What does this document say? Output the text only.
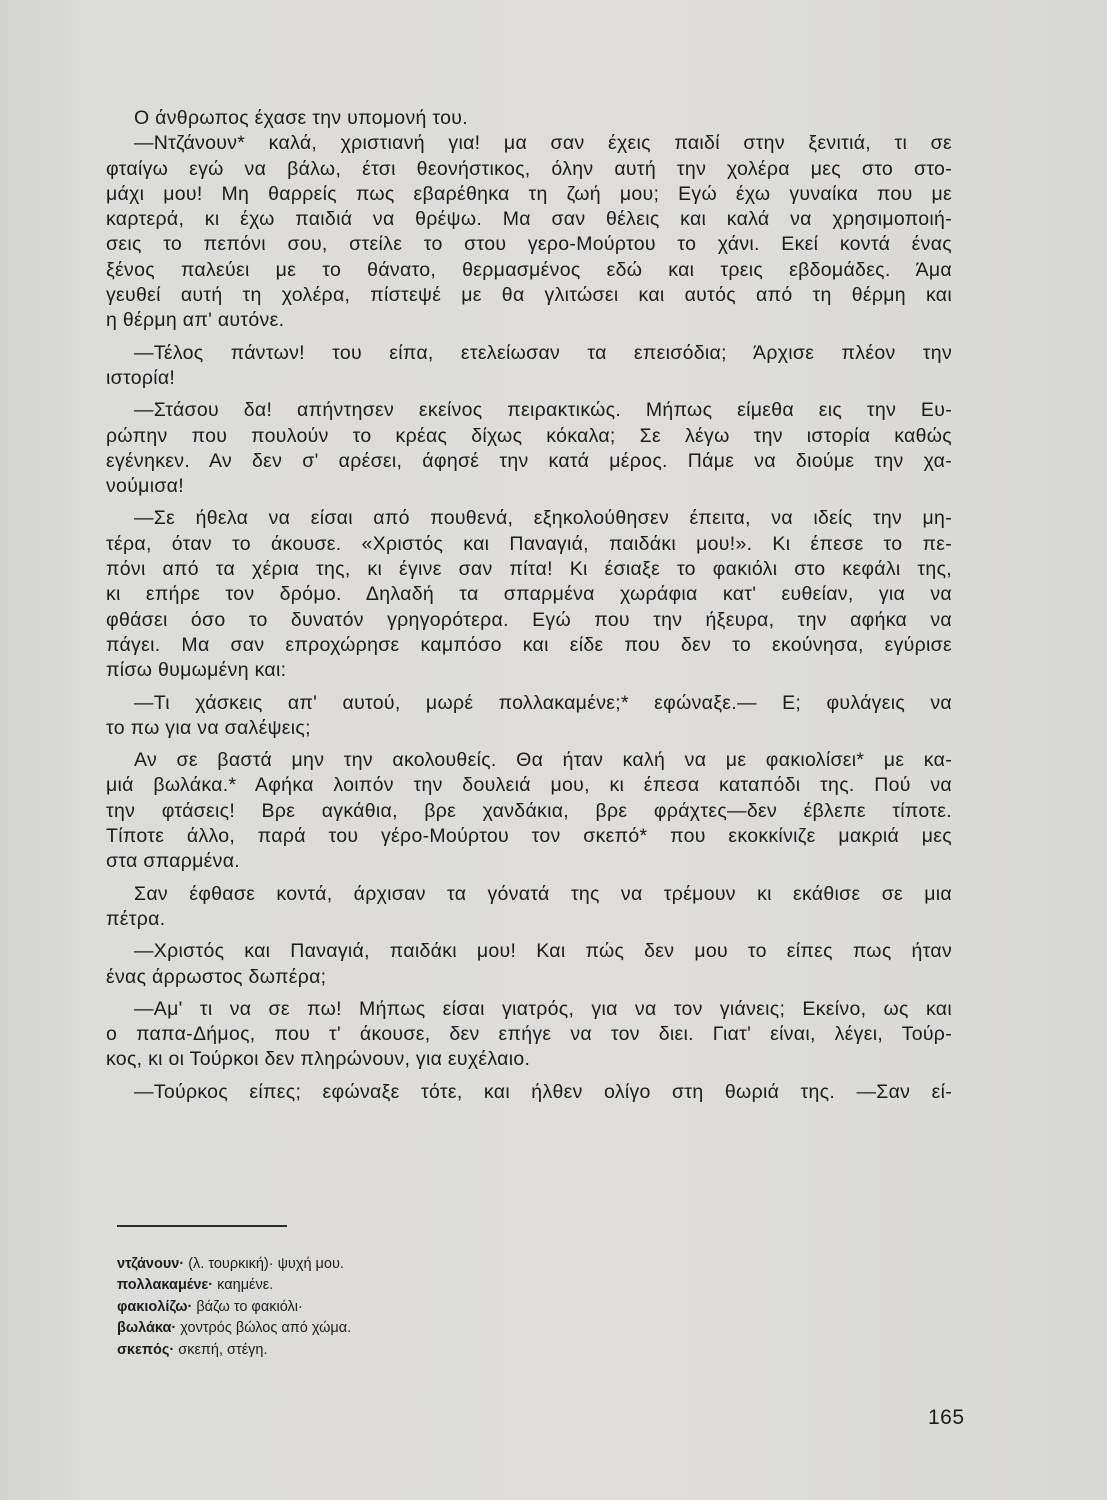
Ο άνθρωπος έχασε την υπομονή του.
—Ντζάνουν* καλά, χριστιανή για! μα σαν έχεις παιδί στην ξενιτιά, τι σε
φταίγω εγώ να βάλω, έτσι θεονήστικος, όλην αυτή την χολέρα μες στο στο-
μάχι μου! Μη θαρρείς πως εβαρέθηκα τη ζωή μου; Εγώ έχω γυναίκα που με
καρτερά, κι έχω παιδιά να θρέψω. Μα σαν θέλεις και καλά να χρησιμοποιή-
σεις το πεπόνι σου, στείλε το στου γερο-Μούρτου το χάνι. Εκεί κοντά ένας
ξένος παλεύει με το θάνατο, θερμασμένος εδώ και τρεις εβδομάδες. Άμα
γευθεί αυτή τη χολέρα, πίστεψέ με θα γλιτώσει και αυτός από τη θέρμη και
η θέρμη απ' αυτόνε.
—Τέλος πάντων! του είπα, ετελείωσαν τα επεισόδια; Άρχισε πλέον την
ιστορία!
—Στάσου δα! απήντησεν εκείνος πειρακτικώς. Μήπως είμεθα εις την Ευ-
ρώπην που πουλούν το κρέας δίχως κόκαλα; Σε λέγω την ιστορία καθώς
εγένηκεν. Αν δεν σ' αρέσει, άφησέ την κατά μέρος. Πάμε να διούμε την χα-
νούμισα!
—Σε ήθελα να είσαι από πουθενά, εξηκολούθησεν έπειτα, να ιδείς την μη-
τέρα, όταν το άκουσε. «Χριστός και Παναγιά, παιδάκι μου!». Κι έπεσε το πε-
πόνι από τα χέρια της, κι έγινε σαν πίτα! Κι έσιαξε το φακιόλι στο κεφάλι της,
κι επήρε τον δρόμο. Δηλαδή τα σπαρμένα χωράφια κατ' ευθείαν, για να
φθάσει όσο το δυνατόν γρηγορότερα. Εγώ που την ήξευρα, την αφήκα να
πάγει. Μα σαν επροχώρησε καμπόσο και είδε που δεν το εκούνησα, εγύρισε
πίσω θυμωμένη και:
—Τι χάσκεις απ' αυτού, μωρέ πολλακαμένε;* εφώναξε.— Ε; φυλάγεις να
το πω για να σαλέψεις;
Αν σε βαστά μην την ακολουθείς. Θα ήταν καλή να με φακιολίσει* με κα-
μιά βωλάκα.* Αφήκα λοιπόν την δουλειά μου, κι έπεσα καταπόδι της. Πού να
την φτάσεις! Βρε αγκάθια, βρε χανδάκια, βρε φράχτες—δεν έβλεπε τίποτε.
Τίποτε άλλο, παρά του γέρο-Μούρτου τον σκεπό* που εκοκκίνιζε μακριά μες
στα σπαρμένα.
Σαν έφθασε κοντά, άρχισαν τα γόνατά της να τρέμουν κι εκάθισε σε μια
πέτρα.
—Χριστός και Παναγιά, παιδάκι μου! Και πώς δεν μου το είπες πως ήταν
ένας άρρωστος δωπέρα;
—Αμ' τι να σε πω! Μήπως είσαι γιατρός, για να τον γιάνεις; Εκείνο, ως και
ο παπα-Δήμος, που τ' άκουσε, δεν επήγε να τον διει. Γιατ' είναι, λέγει, Τούρ-
κος, κι οι Τούρκοι δεν πληρώνουν, για ευχέλαιο.
—Τούρκος είπες; εφώναξε τότε, και ήλθεν ολίγο στη θωριά της. —Σαν εί-
ντζάνουν· (λ. τουρκική)· ψυχή μου.
πολλακαμένε· καημένε.
φακιολίζω· βάζω το φακιόλι·
βωλάκα· χοντρός βώλος από χώμα.
σκεπός· σκεπή, στέγη.
165
